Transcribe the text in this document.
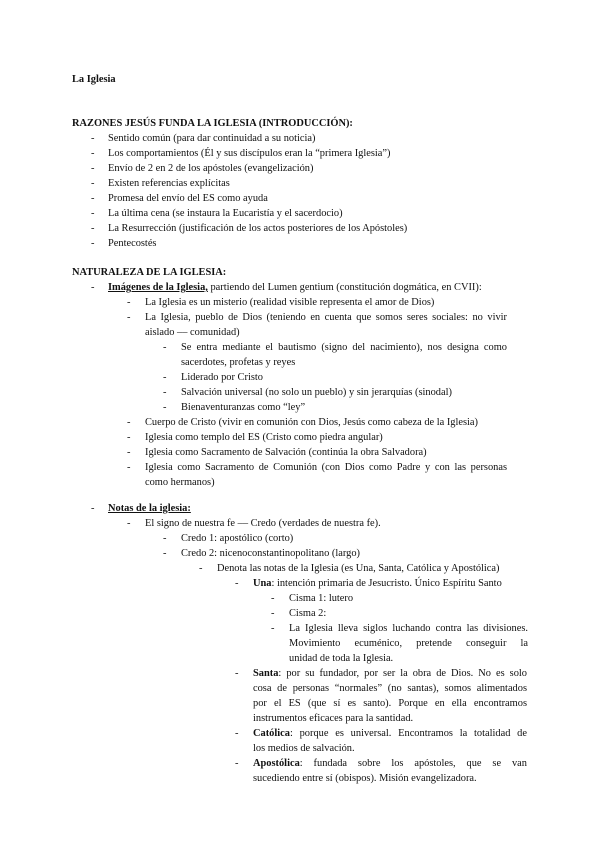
La Iglesia
RAZONES JESÚS FUNDA LA IGLESIA (INTRODUCCIÓN):
- Sentido común (para dar continuidad a su noticia)
- Los comportamientos (Él y sus discípulos eran la “primera Iglesia”)
- Envío de 2 en 2 de los apóstoles (evangelización)
- Existen referencias explícitas
- Promesa del envío del ES como ayuda
- La última cena (se instaura la Eucaristía y el sacerdocio)
- La Resurrección (justificación de los actos posteriores de los Apóstoles)
- Pentecostés
NATURALEZA DE LA IGLESIA:
- Imágenes de la Iglesia, partiendo del Lumen gentium (constitución dogmática, en CVII):
- La Iglesia es un misterio (realidad visible representa el amor de Dios)
- La Iglesia, pueblo de Dios (teniendo en cuenta que somos seres sociales: no vivir
aislado –– comunidad)
- Se entra mediante el bautismo (signo del nacimiento), nos designa como
sacerdotes, profetas y reyes
- Liderado por Cristo
- Salvación universal (no solo un pueblo) y sin jerarquías (sinodal)
- Bienaventuranzas como “ley”
- Cuerpo de Cristo (vivir en comunión con Dios, Jesús como cabeza de la Iglesia)
- Iglesia como templo del ES (Cristo como piedra angular)
- Iglesia como Sacramento de Salvación (continúa la obra Salvadora)
- Iglesia como Sacramento de Comunión (con Dios como Padre y con las personas
como hermanos)
- Notas de la iglesia:
- El signo de nuestra fe –– Credo (verdades de nuestra fe).
- Credo 1: apostólico (corto)
- Credo 2: nicenoconstantinopolitano (largo)
- Denota las notas de la Iglesia (es Una, Santa, Católica y Apostólica)
- Una: intención primaria de Jesucristo. Único Espíritu Santo
- Cisma 1: lutero
- Cisma 2:
- La Iglesia lleva siglos luchando contra las divisiones.
Movimiento ecuménico, pretende conseguir la
unidad de toda la Iglesia.
- Santa: por su fundador, por ser la obra de Dios. No es solo
cosa de personas “normales” (no santas), somos alimentados
por el ES (que sí es santo). Porque en ella encontramos
instrumentos eficaces para la santidad.
- Católica: porque es universal. Encontramos la totalidad de
los medios de salvación.
- Apostólica: fundada sobre los apóstoles, que se van
sucediendo entre sí (obispos). Misión evangelizadora.
